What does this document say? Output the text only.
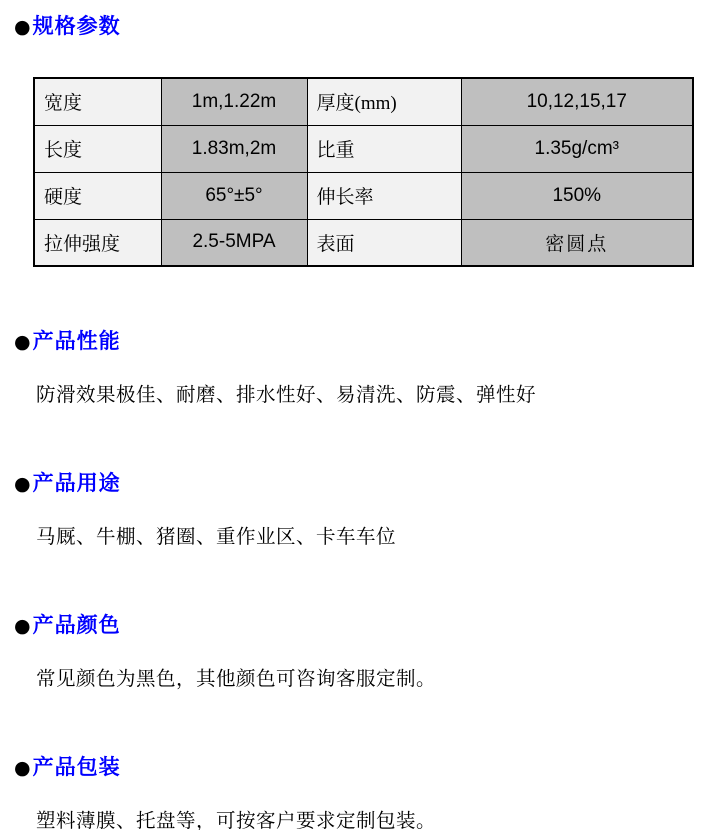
● 规格参数
宽度	1m,1.22m	厚度(mm)	10,12,15,17
长度	1.83m,2m	比重	1.35g/cm³
硬度	65°±5°	伸长率	150%
拉伸强度	2.5-5MPA	表面	密圆点
● 产品性能
防滑效果极佳、耐磨、排水性好、易清洗、防震、弹性好
● 产品用途
马厩、牛棚、猪圈、重作业区、卡车车位
● 产品颜色
常见颜色为黑色，其他颜色可咨询客服定制。
● 产品包装
塑料薄膜、托盘等，可按客户要求定制包装。
